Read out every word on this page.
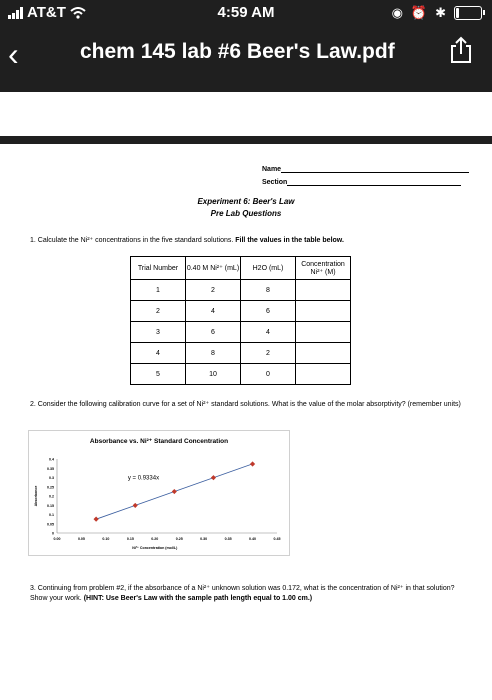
AT&T	4:59 AM	◉ ⏰ ✱
‹	chem 145 lab #6 Beer's Law.pdf
Name
Section
Experiment 6: Beer's Law
Pre Lab Questions
1. Calculate the Ni²⁺ concentrations in the five standard solutions. Fill the values in the table below.
Trial Number	0.40 M Ni²⁺ (mL)	H2O (mL)	Concentration Ni²⁺ (M)
1	2	8	
2	4	6	
3	6	4	
4	8	2	
5	10	0	
2. Consider the following calibration curve for a set of Ni²⁺ standard solutions. What is the value of the molar absorptivity? (remember units)
Absorbance vs. Ni²⁺ Standard Concentration
0.00	0.05	0.10	0.15	0.20	0.25	0.30	0.35	0.40	0.45
0
0.05
0.1
0.15
0.2
0.25
0.3
0.35
0.4
Ni²⁺ Concentration (mol/L)
Absorbance
y = 0.9334x
3. Continuing from problem #2, if the absorbance of a Ni²⁺ unknown solution was 0.172, what is the concentration of Ni²⁺ in that solution? Show your work. (HINT: Use Beer's Law with the sample path length equal to 1.00 cm.)
